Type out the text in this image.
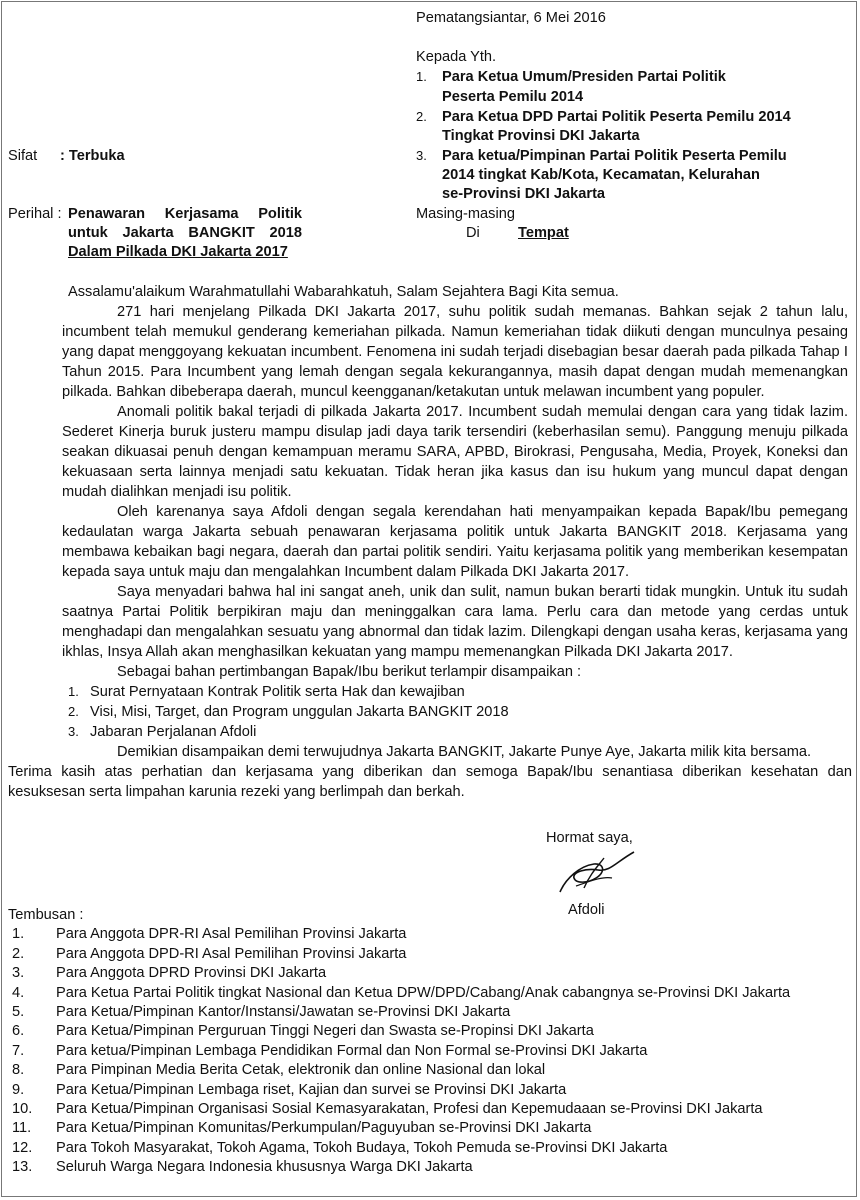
Pematangsiantar, 6 Mei 2016
Kepada Yth.
1. Para Ketua Umum/Presiden Partai Politik
Peserta Pemilu 2014
2. Para Ketua DPD Partai Politik Peserta Pemilu 2014
Tingkat Provinsi DKI Jakarta
3. Para ketua/Pimpinan Partai Politik Peserta Pemilu
2014 tingkat Kab/Kota, Kecamatan, Kelurahan
se-Provinsi DKI Jakarta
Masing-masing
Di	Tempat
Sifat : Terbuka
Perihal : Penawaran Kerjasama Politik
untuk Jakarta BANGKIT 2018
Dalam Pilkada DKI Jakarta 2017

Assalamu'alaikum Warahmatullahi Wabarahkatuh, Salam Sejahtera Bagi Kita semua.

271 hari menjelang Pilkada DKI Jakarta 2017, suhu politik sudah memanas. Bahkan sejak 2 tahun lalu, incumbent telah memukul genderang kemeriahan pilkada. Namun kemeriahan tidak diikuti dengan munculnya pesaing yang dapat menggoyang kekuatan incumbent. Fenomena ini sudah terjadi disebagian besar daerah pada pilkada Tahap I Tahun 2015. Para Incumbent yang lemah dengan segala kekurangannya, masih dapat dengan mudah memenangkan pilkada. Bahkan dibeberapa daerah, muncul keengganan/ketakutan untuk melawan incumbent yang populer.

Anomali politik bakal terjadi di pilkada Jakarta 2017. Incumbent sudah memulai dengan cara yang tidak lazim. Sederet Kinerja buruk justeru mampu disulap jadi daya tarik tersendiri (keberhasilan semu). Panggung menuju pilkada seakan dikuasai penuh dengan kemampuan meramu SARA, APBD, Birokrasi, Pengusaha, Media, Proyek, Koneksi dan kekuasaan serta lainnya menjadi satu kekuatan. Tidak heran jika kasus dan isu hukum yang muncul dapat dengan mudah dialihkan menjadi isu politik.

Oleh karenanya saya Afdoli dengan segala kerendahan hati menyampaikan kepada Bapak/Ibu pemegang kedaulatan warga Jakarta sebuah penawaran kerjasama politik untuk Jakarta BANGKIT 2018. Kerjasama yang membawa kebaikan bagi negara, daerah dan partai politik sendiri. Yaitu kerjasama politik yang memberikan kesempatan kepada saya untuk maju dan mengalahkan Incumbent dalam Pilkada DKI Jakarta 2017.

Saya menyadari bahwa hal ini sangat aneh, unik dan sulit, namun bukan berarti tidak mungkin. Untuk itu sudah saatnya Partai Politik berpikiran maju dan meninggalkan cara lama. Perlu cara dan metode yang cerdas untuk menghadapi dan mengalahkan sesuatu yang abnormal dan tidak lazim. Dilengkapi dengan usaha keras, kerjasama yang ikhlas, Insya Allah akan menghasilkan kekuatan yang mampu memenangkan Pilkada DKI Jakarta 2017.

Sebagai bahan pertimbangan Bapak/Ibu berikut terlampir disampaikan :

1. Surat Pernyataan Kontrak Politik serta Hak dan kewajiban
2. Visi, Misi, Target, dan Program unggulan Jakarta BANGKIT 2018
3. Jabaran Perjalanan Afdoli

Demikian disampaikan demi terwujudnya Jakarta BANGKIT, Jakarte Punye Aye, Jakarta milik kita bersama.

Terima kasih atas perhatian dan kerjasama yang diberikan dan semoga Bapak/Ibu senantiasa diberikan kesehatan dan kesuksesan serta limpahan karunia rezeki yang berlimpah dan berkah.

Hormat saya,
Afdoli
Tembusan :
1. Para Anggota DPR-RI Asal Pemilihan Provinsi Jakarta
2. Para Anggota DPD-RI Asal Pemilihan Provinsi Jakarta
3. Para Anggota DPRD Provinsi DKI Jakarta
4. Para Ketua Partai Politik tingkat Nasional dan Ketua DPW/DPD/Cabang/Anak cabangnya se-Provinsi DKI Jakarta
5. Para Ketua/Pimpinan Kantor/Instansi/Jawatan se-Provinsi DKI Jakarta
6. Para Ketua/Pimpinan Perguruan Tinggi Negeri dan Swasta se-Propinsi DKI Jakarta
7. Para ketua/Pimpinan Lembaga Pendidikan Formal dan Non Formal se-Provinsi DKI Jakarta
8. Para Pimpinan Media Berita Cetak, elektronik dan online Nasional dan lokal
9. Para Ketua/Pimpinan Lembaga riset, Kajian dan survei se Provinsi DKI Jakarta
10. Para Ketua/Pimpinan Organisasi Sosial Kemasyarakatan, Profesi dan Kepemudaaan se-Provinsi DKI Jakarta
11. Para Ketua/Pimpinan Komunitas/Perkumpulan/Paguyuban se-Provinsi DKI Jakarta
12. Para Tokoh Masyarakat, Tokoh Agama, Tokoh Budaya, Tokoh Pemuda se-Provinsi DKI Jakarta
13. Seluruh Warga Negara Indonesia khususnya Warga DKI Jakarta
